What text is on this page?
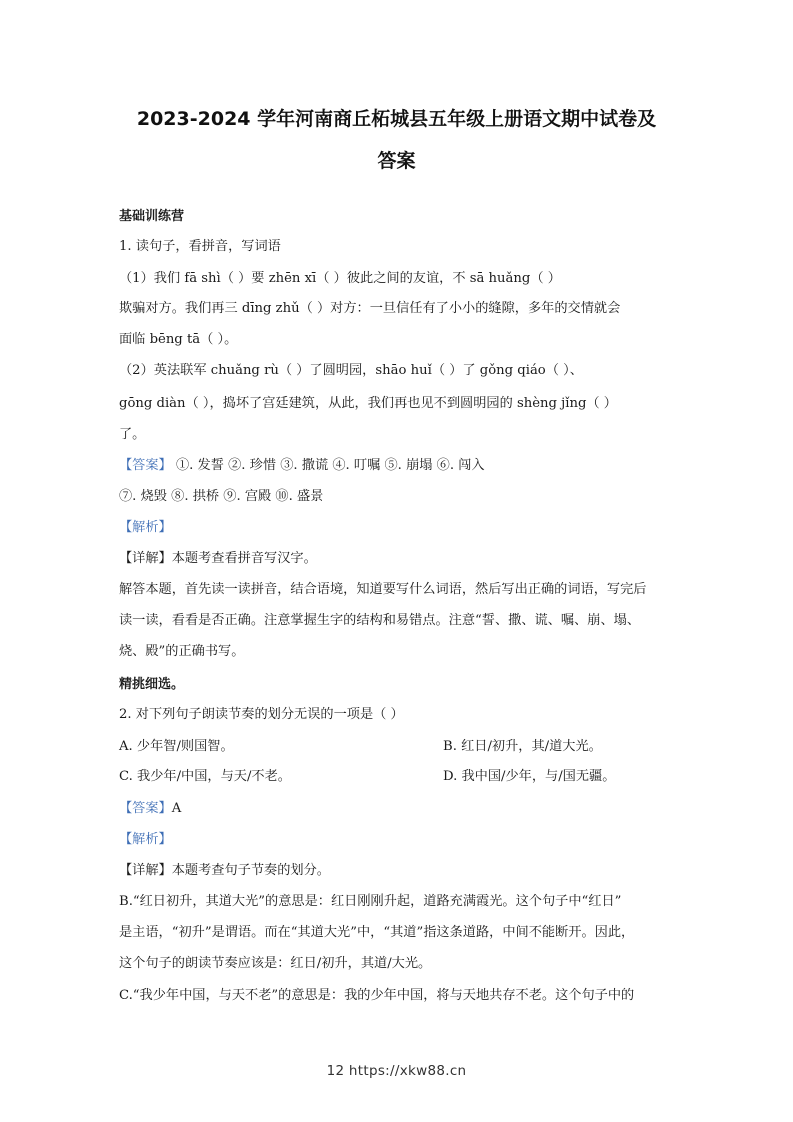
2023-2024 学年河南商丘柘城县五年级上册语文期中试卷及
答案
基础训练营
1. 读句子，看拼音，写词语
（1）我们 fā shì（ ）要 zhēn xī（ ）彼此之间的友谊，不 sā huǎng（ ）
欺骗对方。我们再三 dīng zhǔ（ ）对方：一旦信任有了小小的缝隙，多年的交情就会
面临 bēng tā（ ）。
（2）英法联军 chuǎng rù（ ）了圆明园，shāo huǐ（ ）了 gǒng qiáo（ ）、
gōng diàn（ ），捣坏了宫廷建筑，从此，我们再也见不到圆明园的 shèng jǐng（ ）
了。
【答案】 ①. 发誓 ②. 珍惜 ③. 撒谎 ④. 叮嘱 ⑤. 崩塌 ⑥. 闯入
⑦. 烧毁 ⑧. 拱桥 ⑨. 宫殿 ⑩. 盛景
【解析】
【详解】本题考查看拼音写汉字。
解答本题，首先读一读拼音，结合语境，知道要写什么词语，然后写出正确的词语，写完后
读一读，看看是否正确。注意掌握生字的结构和易错点。注意“誓、撒、谎、嘱、崩、塌、
烧、殿”的正确书写。
精挑细选。
2. 对下列句子朗读节奏的划分无误的一项是（ ）
A. 少年智/则国智。	B. 红日/初升，其/道大光。
C. 我少年/中国，与天/不老。	D. 我中国/少年，与/国无疆。
【答案】A
【解析】
【详解】本题考查句子节奏的划分。
B.“红日初升，其道大光”的意思是：红日刚刚升起，道路充满霞光。这个句子中“红日”
是主语，“初升”是谓语。而在“其道大光”中，“其道”指这条道路，中间不能断开。因此，
这个句子的朗读节奏应该是：红日/初升，其道/大光。
C.“我少年中国，与天不老”的意思是：我的少年中国，将与天地共存不老。这个句子中的
12 https://xkw88.cn
